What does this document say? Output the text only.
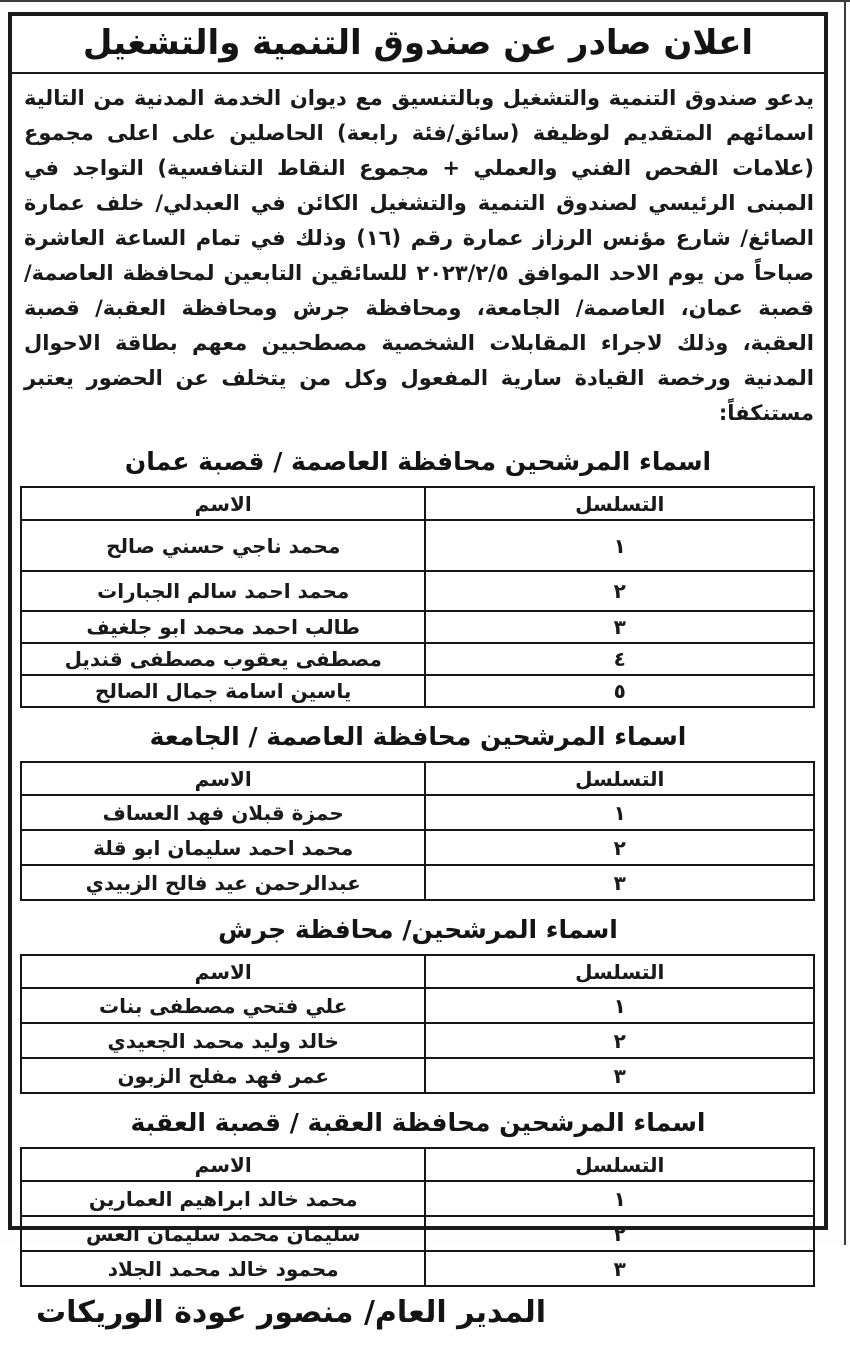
اعلان صادر عن صندوق التنمية والتشغيل
يدعو صندوق التنمية والتشغيل وبالتنسيق مع ديوان الخدمة المدنية من التالية اسمائهم المتقديم لوظيفة (سائق/فئة رابعة) الحاصلين على اعلى مجموع (علامات الفحص الفني والعملي + مجموع النقاط التنافسية) التواجد في المبنى الرئيسي لصندوق التنمية والتشغيل الكائن في العبدلي/ خلف عمارة الصائغ/ شارع مؤنس الرزاز عمارة رقم (١٦) وذلك في تمام الساعة العاشرة صباحاً من يوم الاحد الموافق ٢٠٢٣/٢/٥ للسائقين التابعين لمحافظة العاصمة/ قصبة عمان، العاصمة/ الجامعة، ومحافظة جرش ومحافظة العقبة/ قصبة العقبة، وذلك لاجراء المقابلات الشخصية مصطحبين معهم بطاقة الاحوال المدنية ورخصة القيادة سارية المفعول وكل من يتخلف عن الحضور يعتبر مستنكفاً:
اسماء المرشحين محافظة العاصمة / قصبة عمان
التسلسل	الاسم
١	محمد ناجي حسني صالح
٢	محمد احمد سالم الجبارات
٣	طالب احمد محمد ابو جلغيف
٤	مصطفى يعقوب مصطفى قنديل
٥	ياسين اسامة جمال الصالح
اسماء المرشحين محافظة العاصمة / الجامعة
التسلسل	الاسم
١	حمزة قبلان فهد العساف
٢	محمد احمد سليمان ابو قلة
٣	عبدالرحمن عيد فالح الزبيدي
اسماء المرشحين/ محافظة جرش
التسلسل	الاسم
١	علي فتحي مصطفى بنات
٢	خالد وليد محمد الجعيدي
٣	عمر فهد مفلح الزبون
اسماء المرشحين محافظة العقبة / قصبة العقبة
التسلسل	الاسم
١	محمد خالد ابراهيم العمارين
٢	سليمان محمد سليمان العس
٣	محمود خالد محمد الجلاد
المدير العام/ منصور عودة الوريكات
